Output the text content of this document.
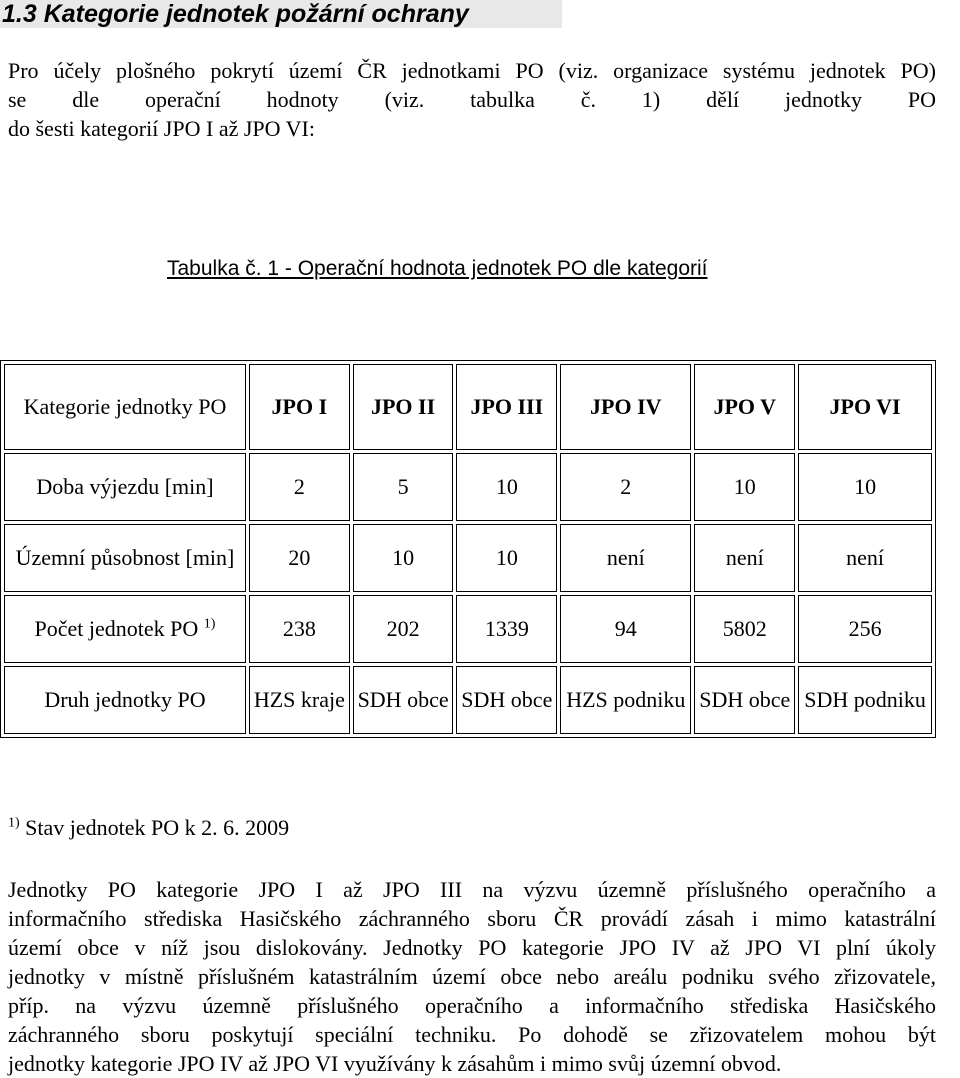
1.3 Kategorie jednotek požární ochrany
Pro účely plošného pokrytí území ČR jednotkami PO (viz. organizace systému jednotek PO)
se dle operační hodnoty (viz. tabulka č. 1) dělí jednotky PO
do šesti kategorií JPO I až JPO VI:
Tabulka č. 1 - Operační hodnota jednotek PO dle kategorií
Kategorie jednotky PO	JPO I	JPO II	JPO III	JPO IV	JPO V	JPO VI
Doba výjezdu [min]	2	5	10	2	10	10
Územní působnost [min]	20	10	10	není	není	není
Počet jednotek PO $^{1)}$	238	202	1339	94	5802	256
Druh jednotky PO	HZS kraje	SDH obce	SDH obce	HZS podniku	SDH obce	SDH podniku
$^{1)}$ Stav jednotek PO k 2. 6. 2009
Jednotky PO kategorie JPO I až JPO III na výzvu územně příslušného operačního a
informačního střediska Hasičského záchranného sboru ČR provádí zásah i mimo katastrální
území obce v níž jsou dislokovány. Jednotky PO kategorie JPO IV až JPO VI plní úkoly
jednotky v místně příslušném katastrálním území obce nebo areálu podniku svého zřizovatele,
příp. na výzvu územně příslušného operačního a informačního střediska Hasičského
záchranného sboru poskytují speciální techniku. Po dohodě se zřizovatelem mohou být
jednotky kategorie JPO IV až JPO VI využívány k zásahům i mimo svůj územní obvod.
